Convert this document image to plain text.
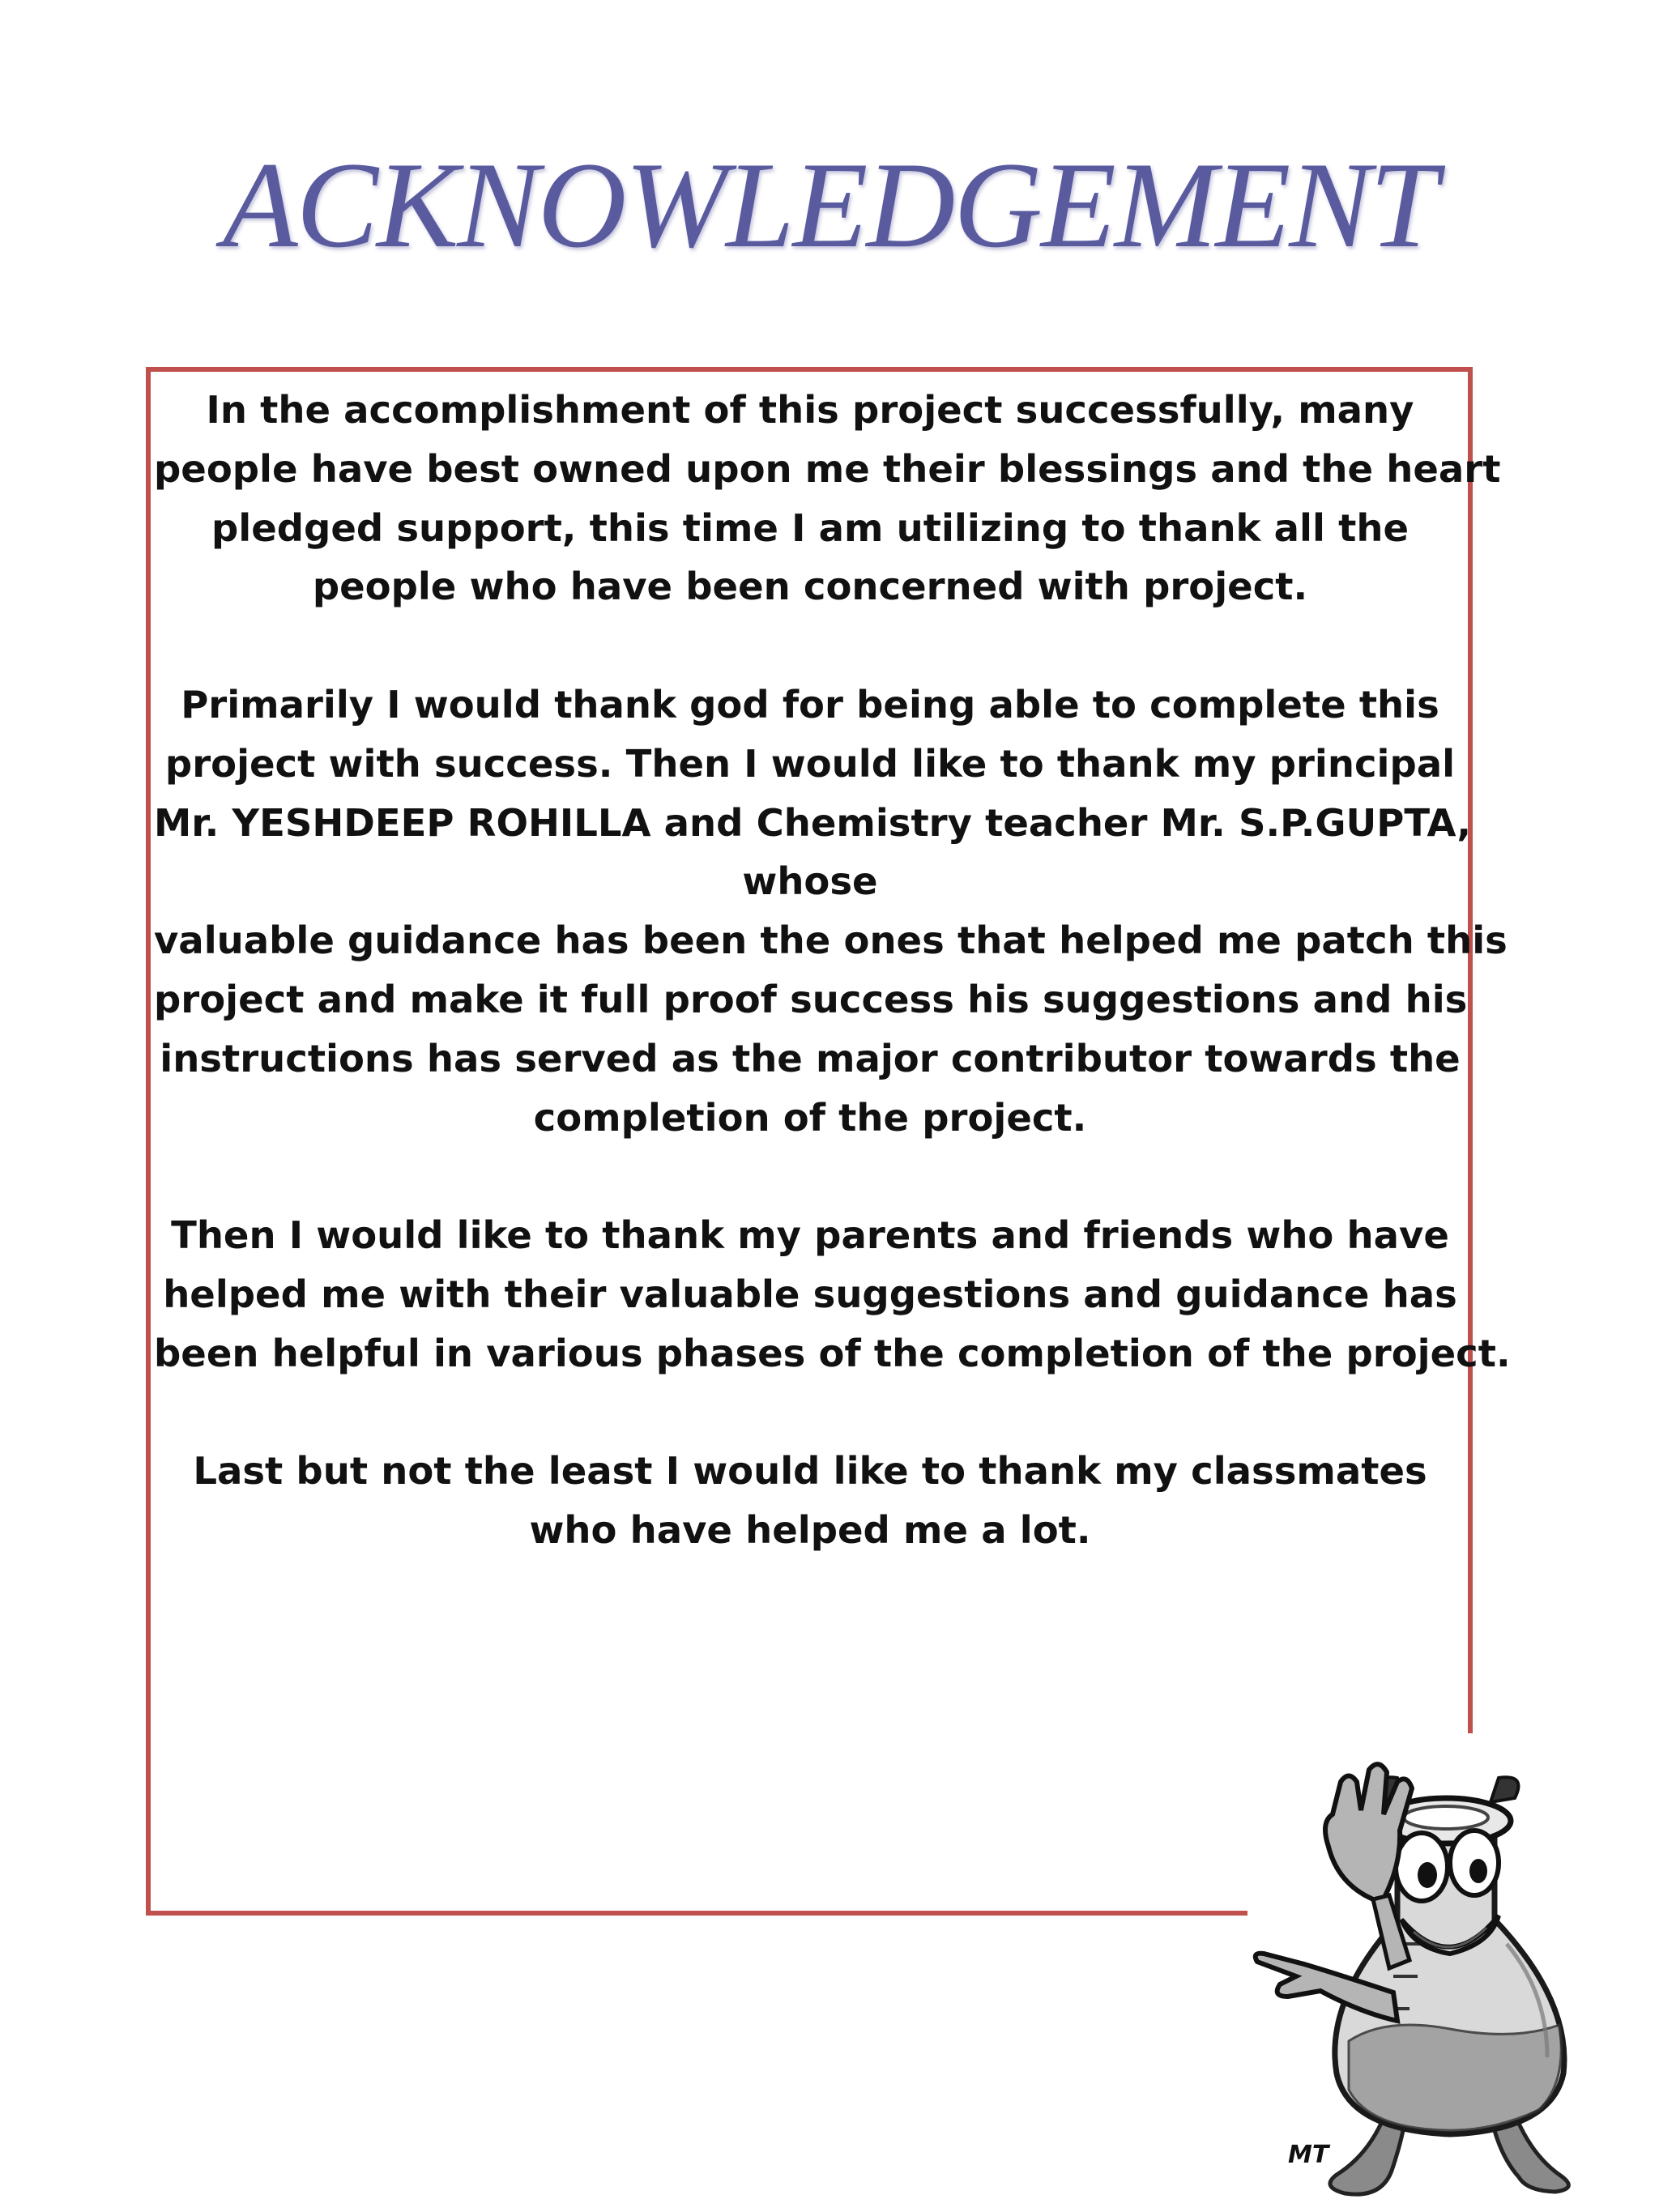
ACKNOWLEDGEMENT
In the accomplishment of this project successfully, many
people have best owned upon me their blessings and the heart
pledged support, this time I am utilizing to thank all the
people who have been concerned with project.
Primarily I would thank god for being able to complete this
project with success. Then I would like to thank my principal
Mr. YESHDEEP ROHILLA and Chemistry teacher Mr. S.P.GUPTA,
whose
valuable guidance has been the ones that helped me patch this
project and make it full proof success his suggestions and his
instructions has served as the major contributor towards the
completion of the project.
Then I would like to thank my parents and friends who have
helped me with their valuable suggestions and guidance has
been helpful in various phases of the completion of the project.
Last but not the least I would like to thank my classmates
who have helped me a lot.
MT
